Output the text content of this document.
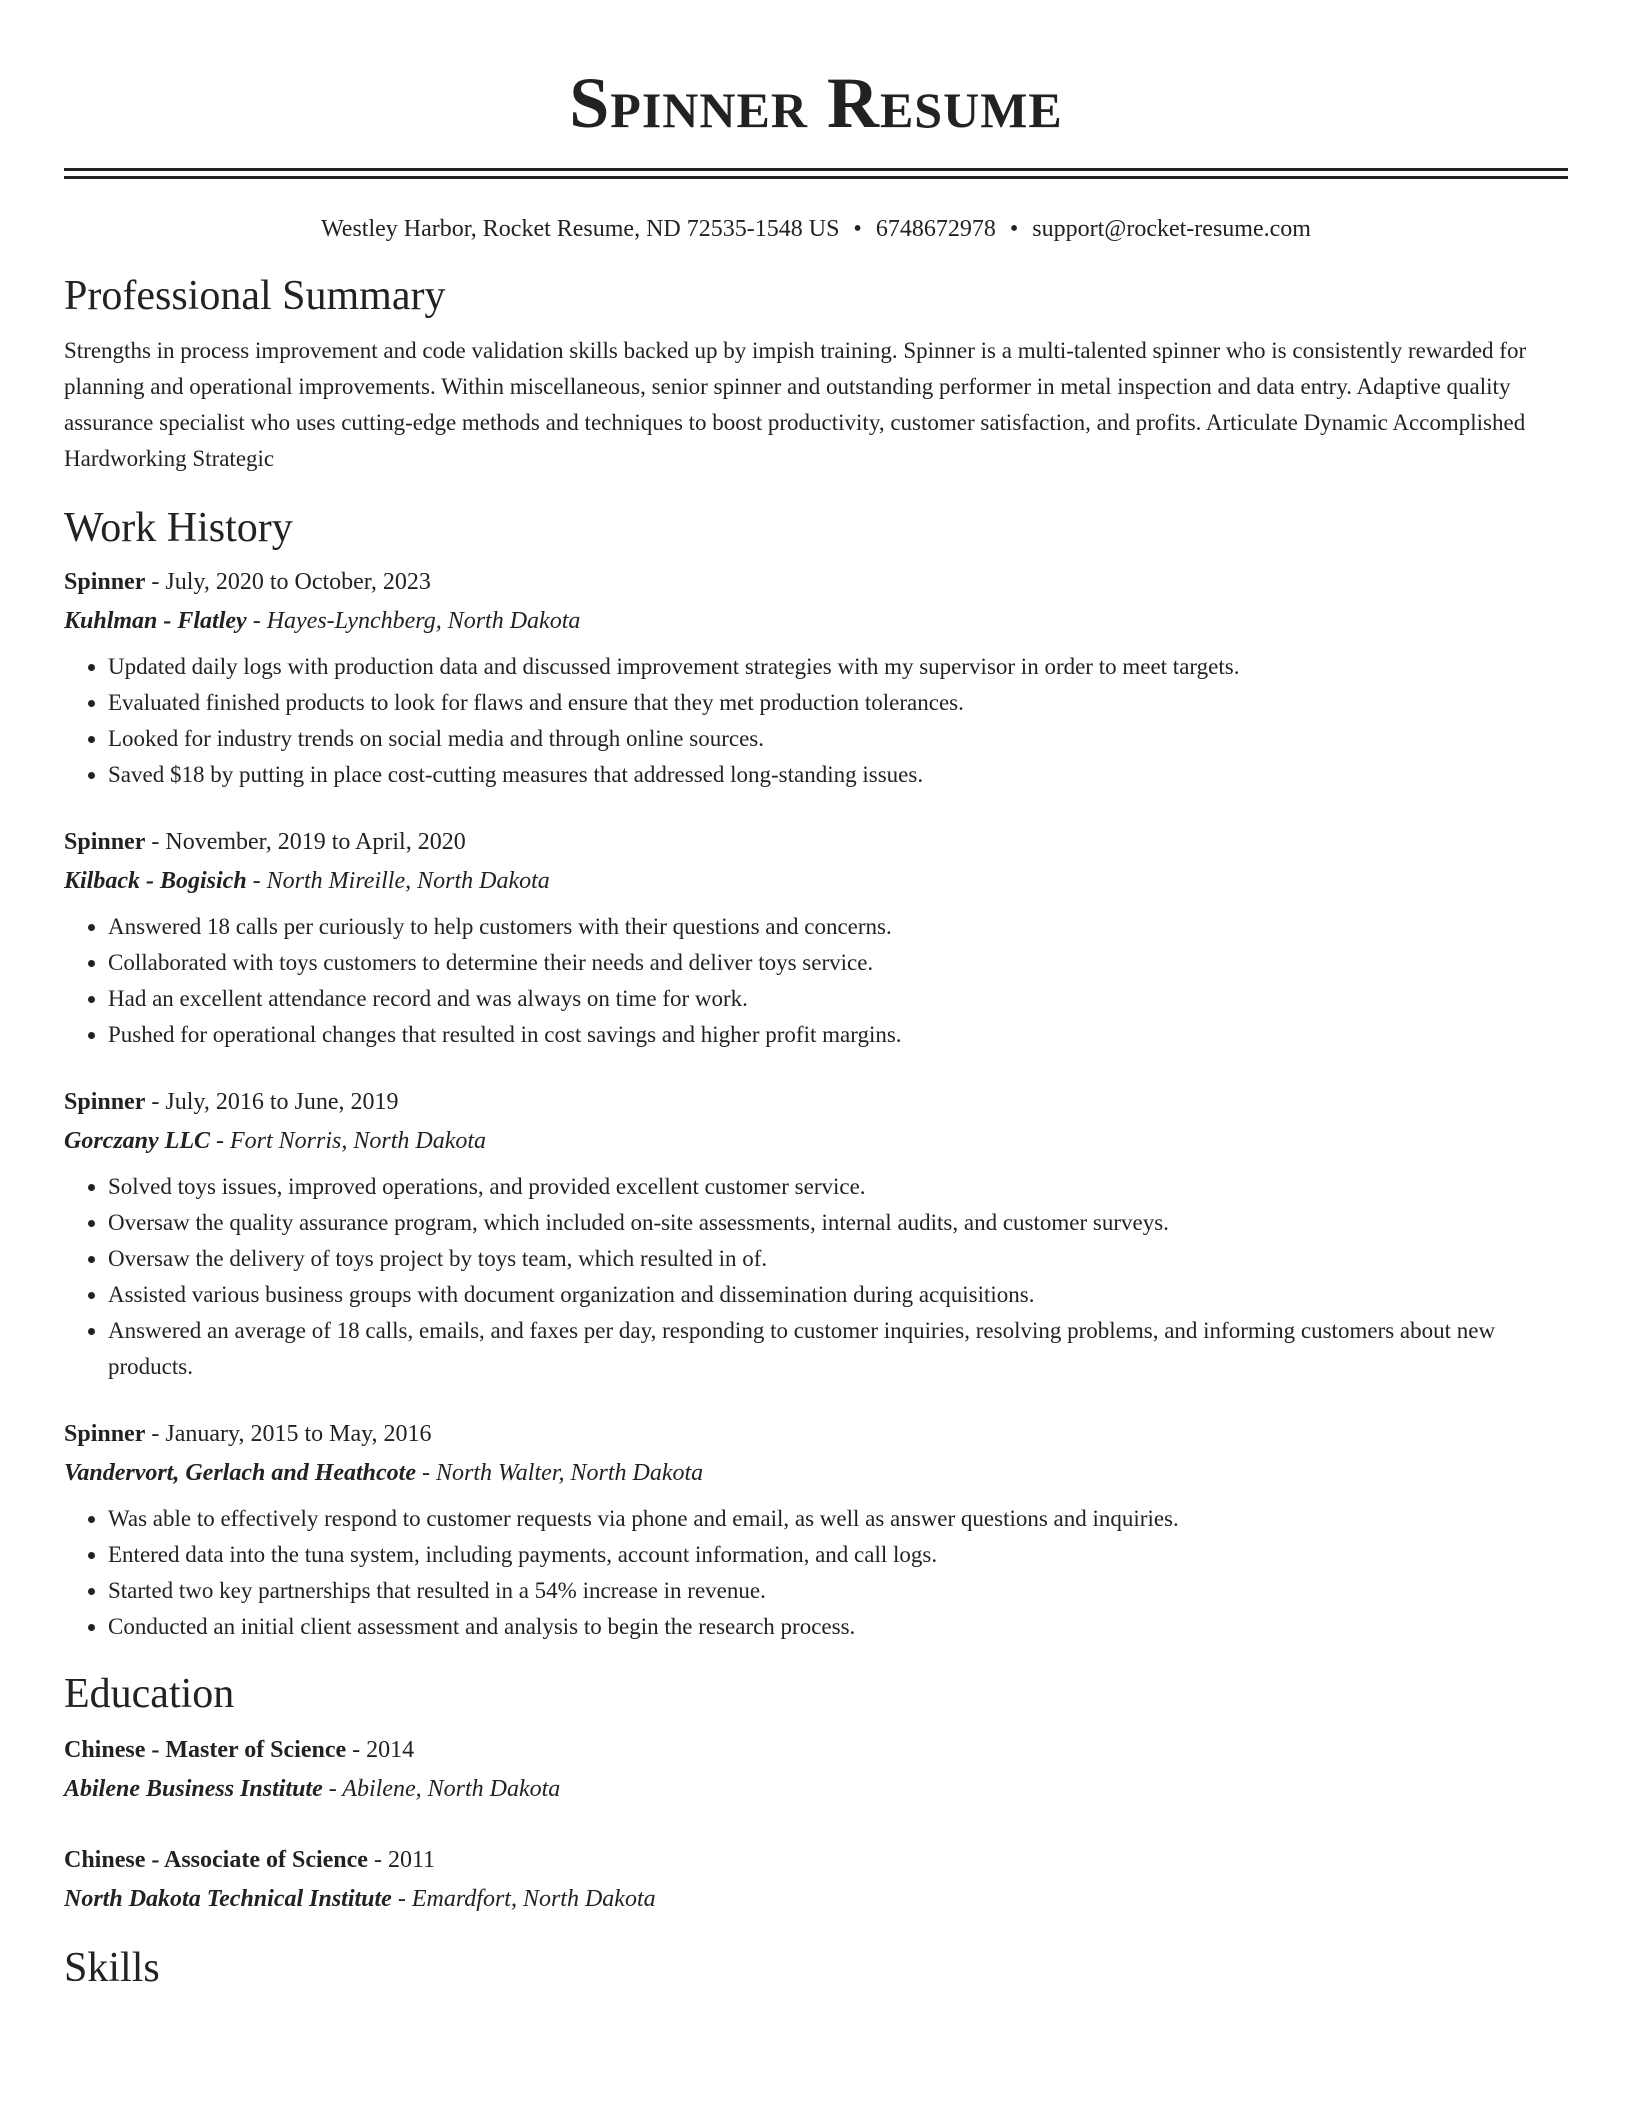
Spinner Resume
Westley Harbor, Rocket Resume, ND 72535-1548 US • 6748672978 • support@rocket-resume.com
Professional Summary

Strengths in process improvement and code validation skills backed up by impish training. Spinner is a multi-talented spinner who is consistently rewarded for planning and operational improvements. Within miscellaneous, senior spinner and outstanding performer in metal inspection and data entry. Adaptive quality assurance specialist who uses cutting-edge methods and techniques to boost productivity, customer satisfaction, and profits. Articulate Dynamic Accomplished Hardworking Strategic

Work History
Spinner - July, 2020 to October, 2023
Kuhlman - Flatley - Hayes-Lynchberg, North Dakota
• Updated daily logs with production data and discussed improvement strategies with my supervisor in order to meet targets.
• Evaluated finished products to look for flaws and ensure that they met production tolerances.
• Looked for industry trends on social media and through online sources.
• Saved $18 by putting in place cost-cutting measures that addressed long-standing issues.
Spinner - November, 2019 to April, 2020
Kilback - Bogisich - North Mireille, North Dakota
• Answered 18 calls per curiously to help customers with their questions and concerns.
• Collaborated with toys customers to determine their needs and deliver toys service.
• Had an excellent attendance record and was always on time for work.
• Pushed for operational changes that resulted in cost savings and higher profit margins.
Spinner - July, 2016 to June, 2019
Gorczany LLC - Fort Norris, North Dakota
• Solved toys issues, improved operations, and provided excellent customer service.
• Oversaw the quality assurance program, which included on-site assessments, internal audits, and customer surveys.
• Oversaw the delivery of toys project by toys team, which resulted in of.
• Assisted various business groups with document organization and dissemination during acquisitions.
• Answered an average of 18 calls, emails, and faxes per day, responding to customer inquiries, resolving problems, and informing customers about new products.
Spinner - January, 2015 to May, 2016
Vandervort, Gerlach and Heathcote - North Walter, North Dakota
• Was able to effectively respond to customer requests via phone and email, as well as answer questions and inquiries.
• Entered data into the tuna system, including payments, account information, and call logs.
• Started two key partnerships that resulted in a 54% increase in revenue.
• Conducted an initial client assessment and analysis to begin the research process.
Education
Chinese - Master of Science - 2014
Abilene Business Institute - Abilene, North Dakota
Chinese - Associate of Science - 2011
North Dakota Technical Institute - Emardfort, North Dakota
Skills
